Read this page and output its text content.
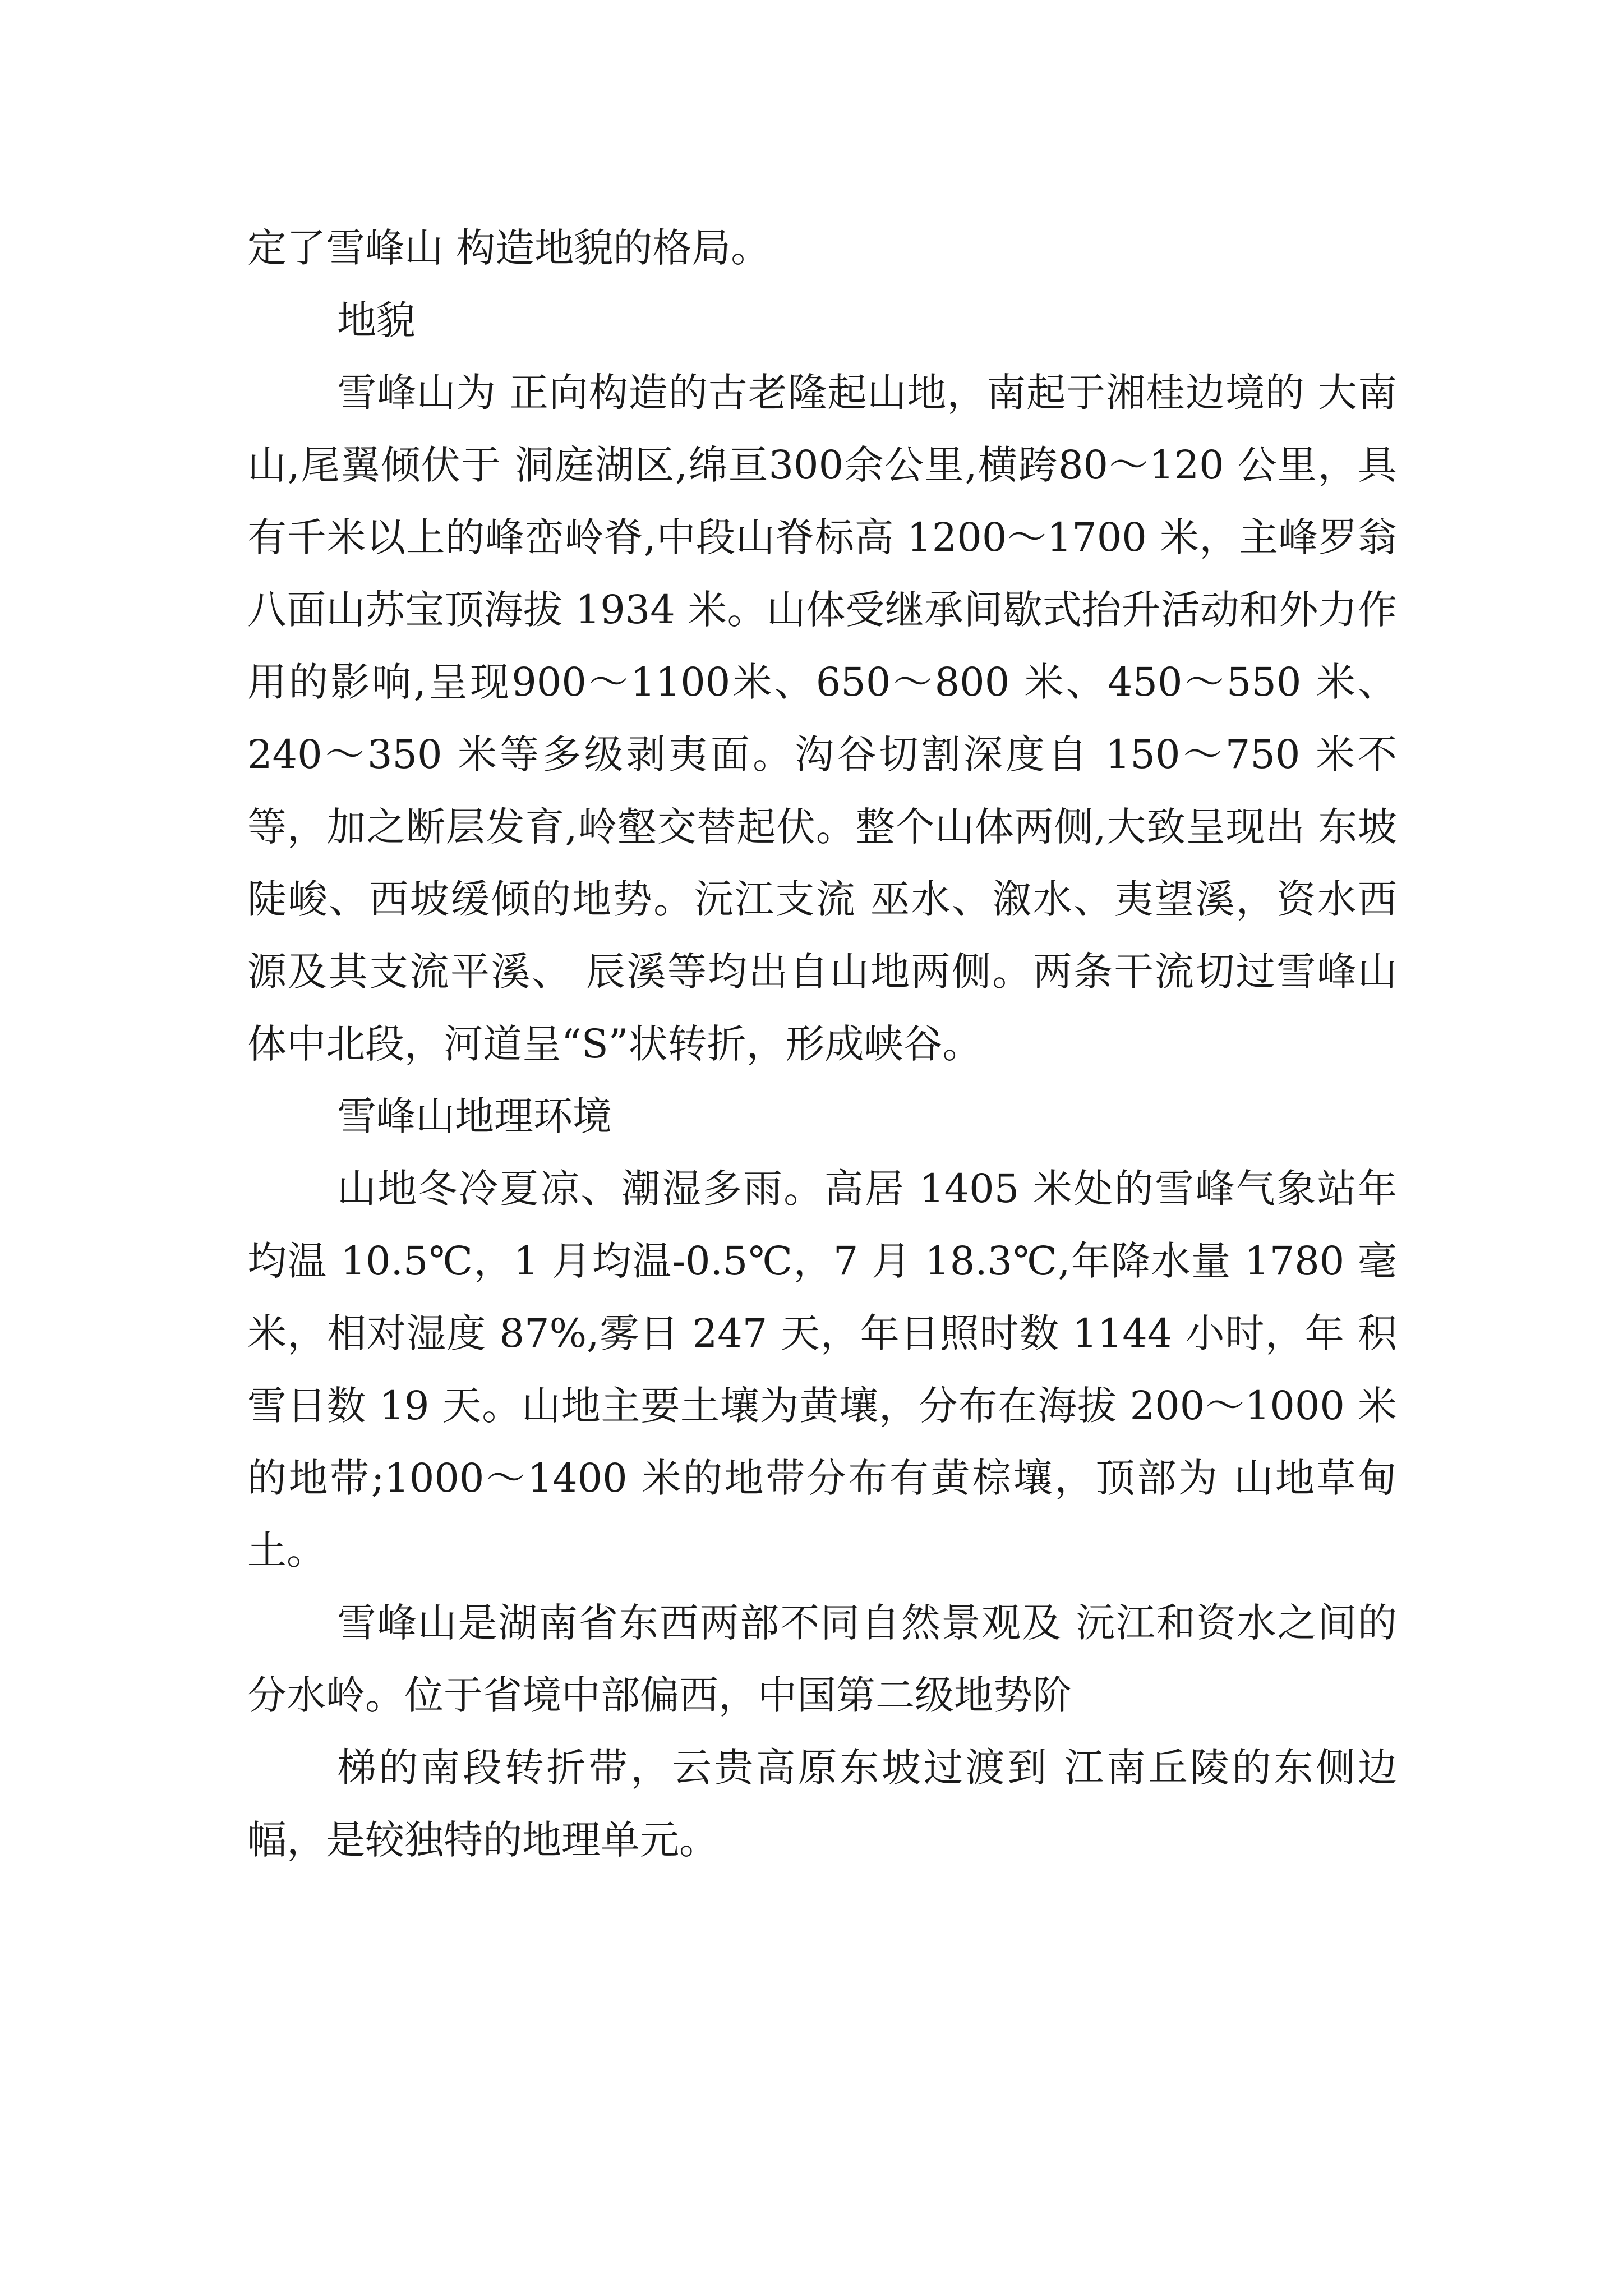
定了雪峰山 构造地貌的格局。

地貌

雪峰山为 正向构造的古老隆起山地，南起于湘桂边境的 大南山,尾翼倾伏于 洞庭湖区,绵亘300余公里,横跨80～120 公里，具有千米以上的峰峦岭脊,中段山脊标高 1200～1700 米，主峰罗翁 八面山苏宝顶海拔 1934 米。山体受继承间歇式抬升活动和外力作用的影响,呈现900～1100米、650～800 米、450～550 米、240～350 米等多级剥夷面。沟谷切割深度自 150～750 米不等，加之断层发育,岭壑交替起伏。整个山体两侧,大致呈现出 东坡陡峻、西坡缓倾的地势。沅江支流 巫水、溆水、夷望溪，资水西源及其支流平溪、 辰溪等均出自山地两侧。两条干流切过雪峰山体中北段，河道呈“S”状转折，形成峡谷。

雪峰山地理环境

山地冬冷夏凉、潮湿多雨。高居 1405 米处的雪峰气象站年均温 10.5℃，1 月均温-0.5℃，7 月 18.3℃,年降水量 1780 毫米，相对湿度 87%,雾日 247 天，年日照时数 1144 小时，年 积雪日数 19 天。山地主要土壤为黄壤，分布在海拔 200～1000 米的地带;1000～1400 米的地带分布有黄棕壤，顶部为 山地草甸土。

雪峰山是湖南省东西两部不同自然景观及 沅江和资水之间的分水岭。位于省境中部偏西，中国第二级地势阶

梯的南段转折带，云贵高原东坡过渡到 江南丘陵的东侧边幅，是较独特的地理单元。
